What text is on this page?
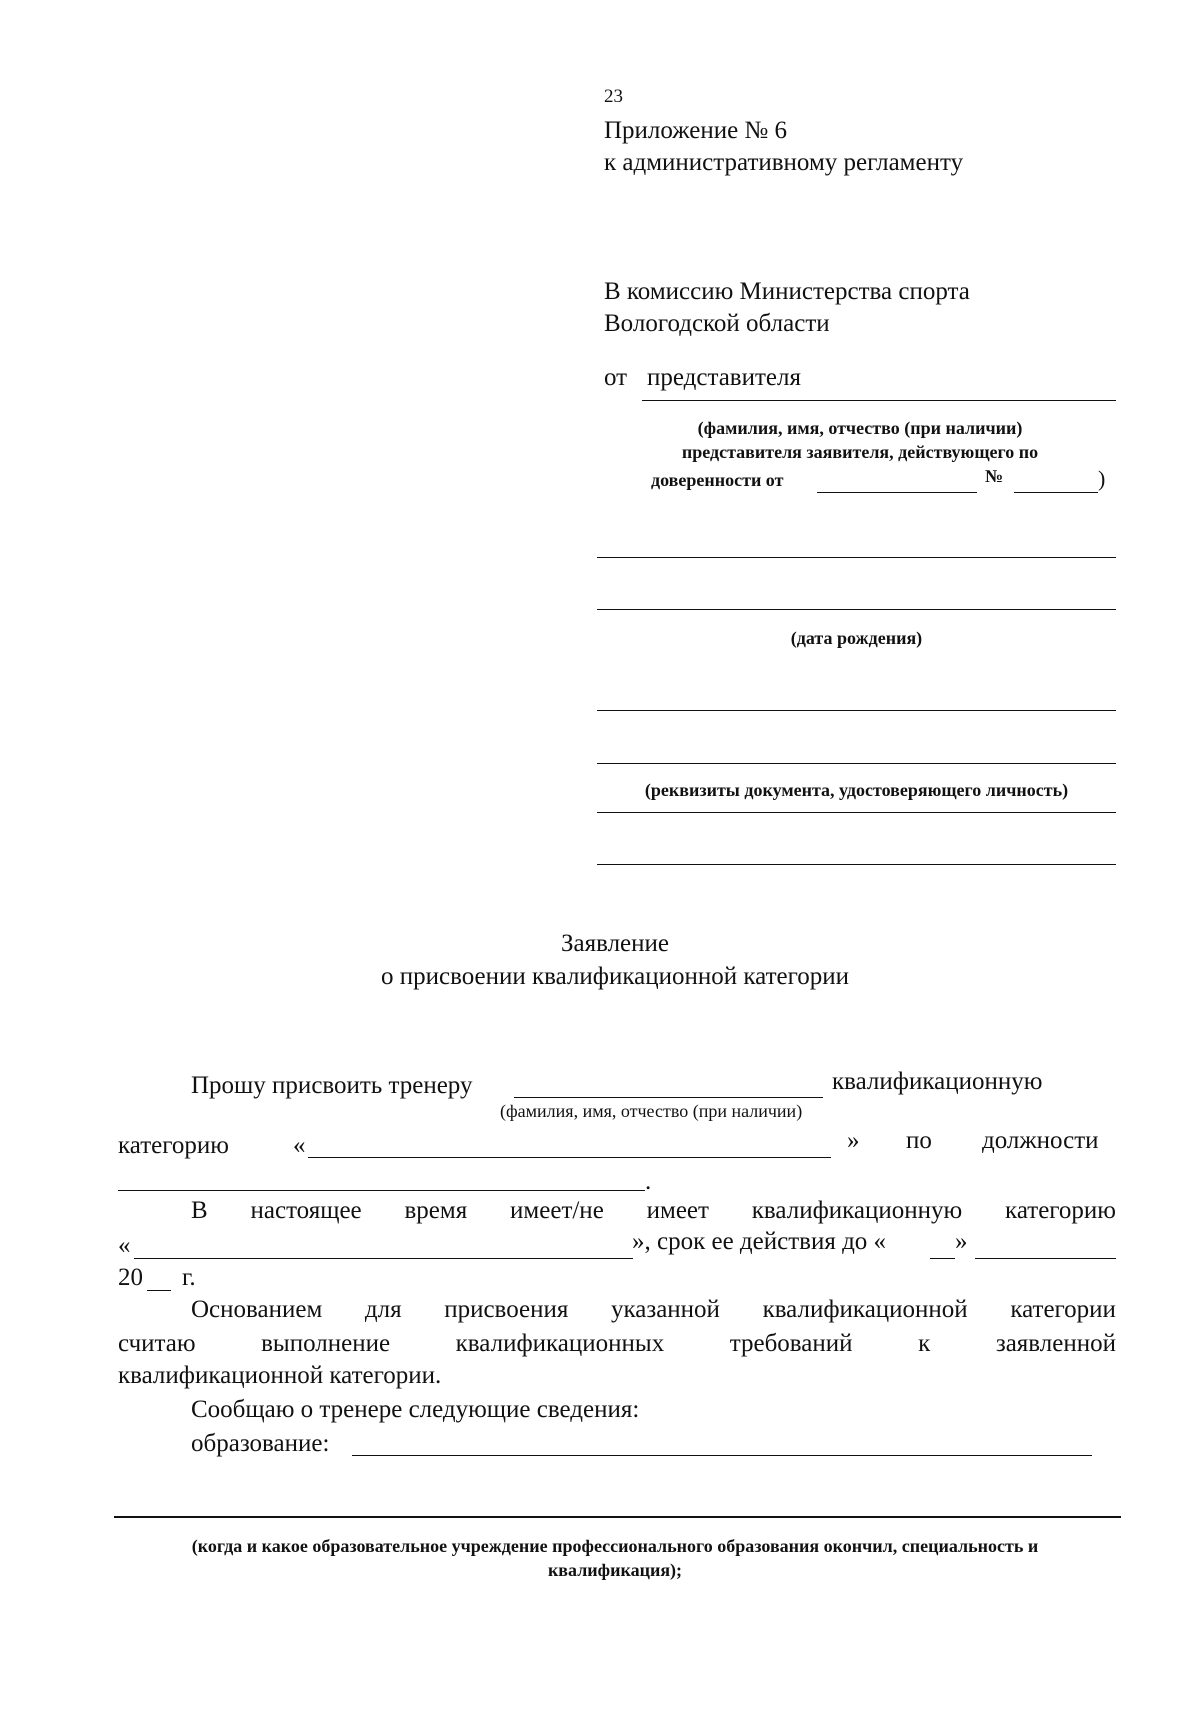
23
Приложение № 6
к административному регламенту
В комиссию Министерства спорта
Вологодской области
от представителя
(фамилия, имя, отчество (при наличии)
представителя заявителя, действующего по
доверенности от	№	)
(дата рождения)
(реквизиты документа, удостоверяющего личность)
Заявление
о присвоении квалификационной категории
Прошу присвоить тренеру	квалификационную
(фамилия, имя, отчество (при наличии)
категорию	«	» по должности
.
В настоящее время имеет/не имеет квалификационную категорию
«	», срок ее действия до «	»
20 г.
Основанием для присвоения указанной квалификационной категории
считаю	выполнение	квалификационных	требований	к	заявленной
квалификационной категории.
Сообщаю о тренере следующие сведения:
образование:
(когда и какое образовательное учреждение профессионального образования окончил, специальность и
квалификация);
